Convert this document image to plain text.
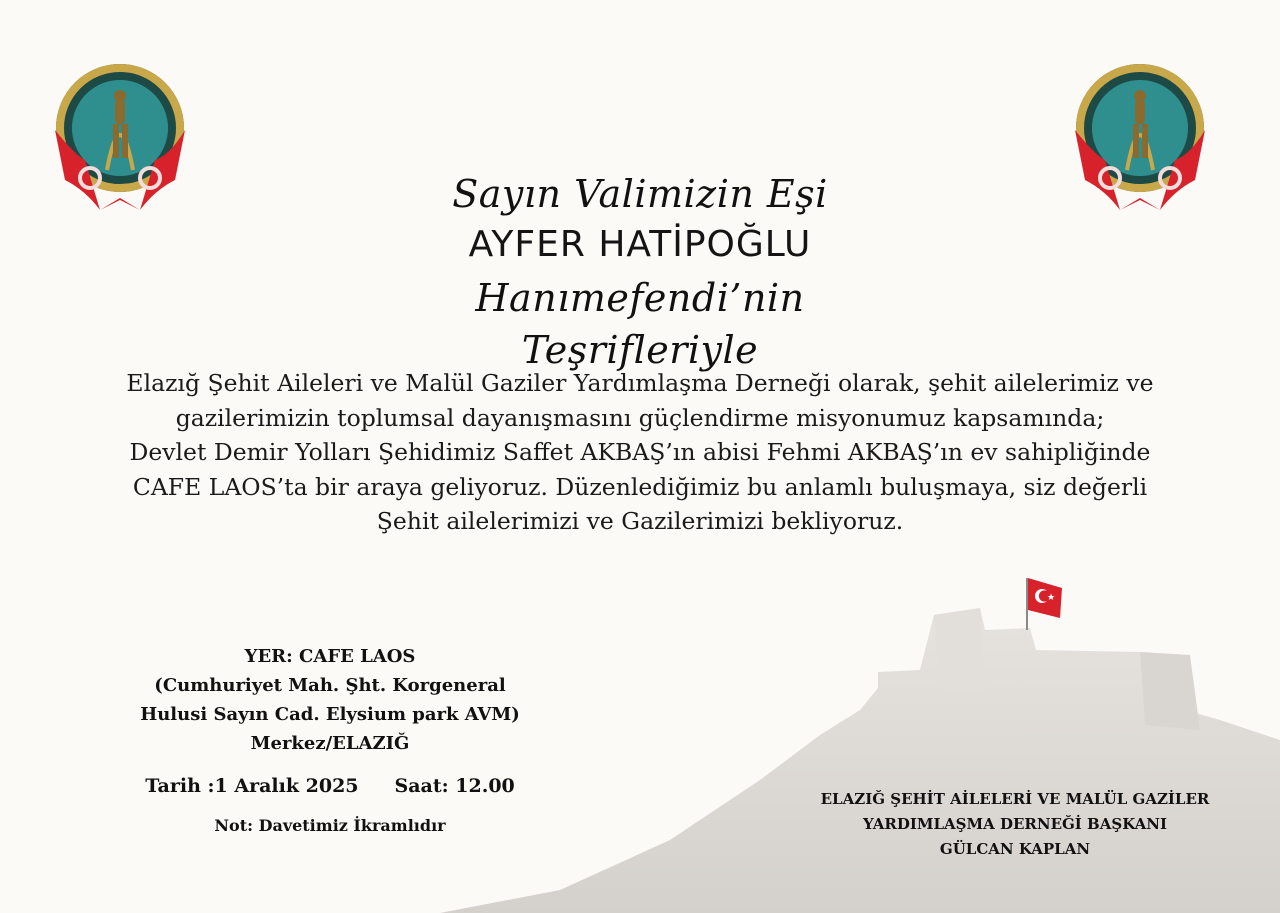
Sayın Valimizin Eşi
AYFER HATİPOĞLU
Hanımefendi’nin Teşrifleriyle
Elazığ Şehit Aileleri ve Malül Gaziler Yardımlaşma Derneği olarak, şehit ailelerimiz ve
gazilerimizin toplumsal dayanışmasını güçlendirme misyonumuz kapsamında;
Devlet Demir Yolları Şehidimiz Saffet AKBAŞ’ın abisi Fehmi AKBAŞ’ın ev sahipliğinde
CAFE LAOS’ta bir araya geliyoruz. Düzenlediğimiz bu anlamlı buluşmaya, siz değerli
Şehit ailelerimizi ve Gazilerimizi bekliyoruz.
YER: CAFE LAOS
(Cumhuriyet Mah. Şht. Korgeneral
Hulusi Sayın Cad. Elysium park AVM)
Merkez/ELAZIĞ
Tarih :1 Aralık 2025 Saat: 12.00
Not: Davetimiz İkramlıdır
ELAZIĞ ŞEHİT AİLELERİ VE MALÜL GAZİLER
YARDIMLAŞMA DERNEĞİ BAŞKANI
GÜLCAN KAPLAN
